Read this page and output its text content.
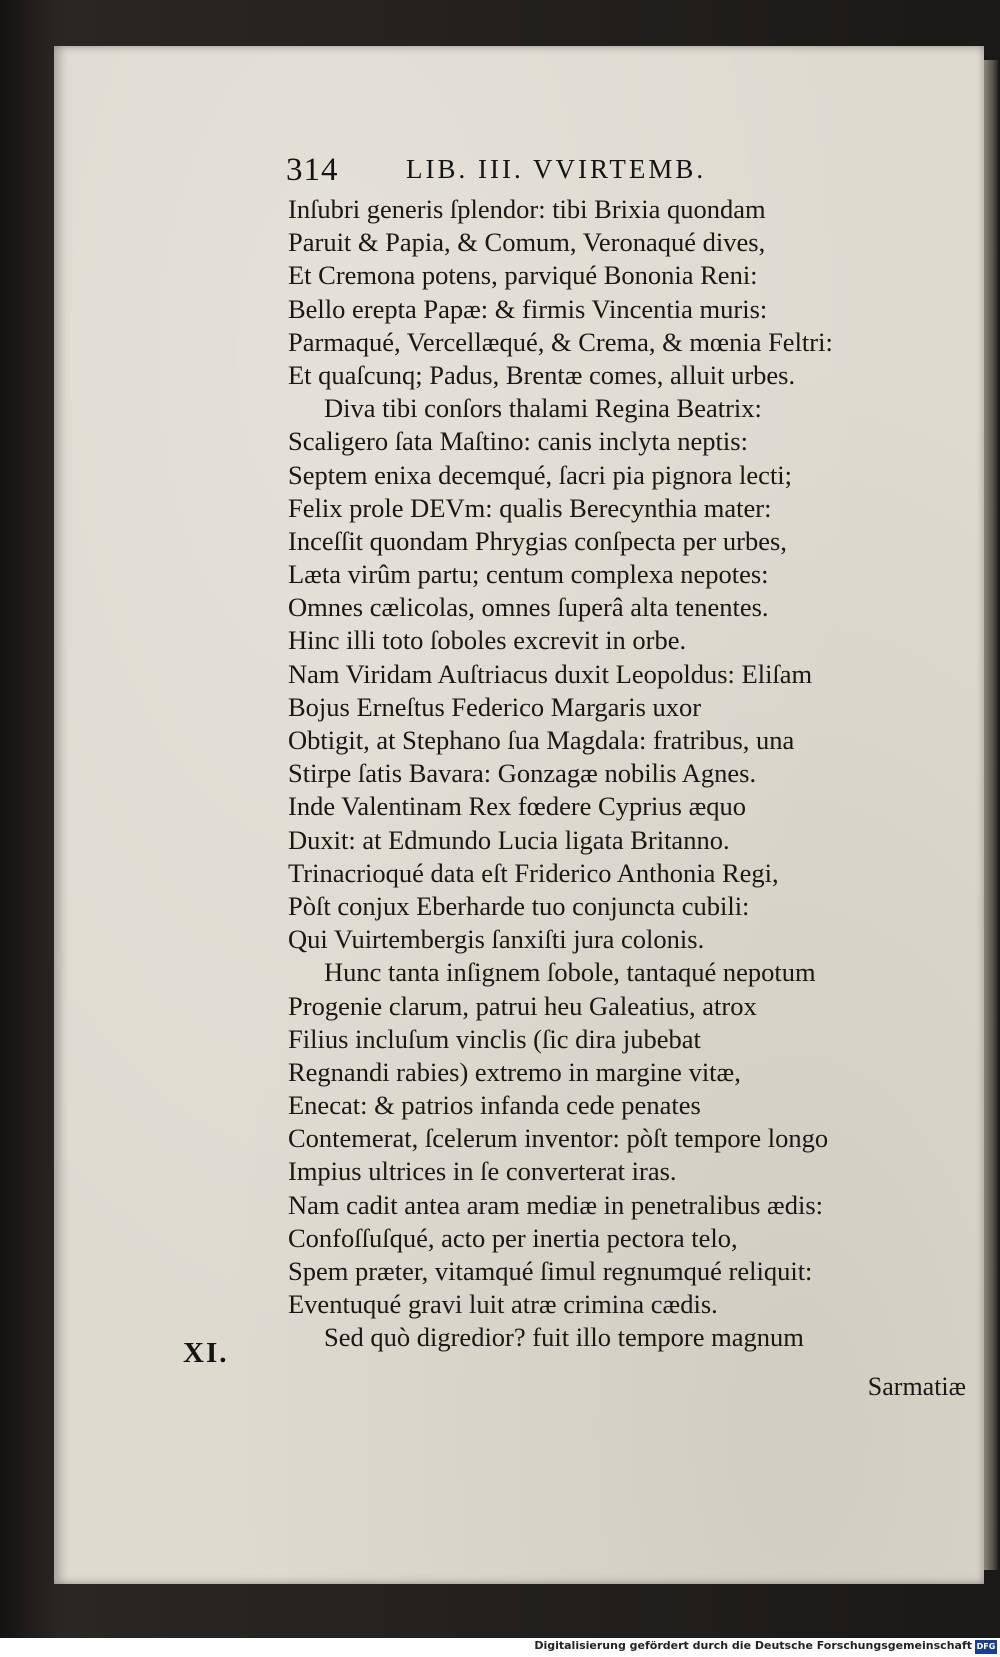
314	LIB. III. VVIRTEMB.
Inſubri generis ſplendor: tibi Brixia quondam
Paruit & Papia, & Comum, Veronaqué dives,
Et Cremona potens, parviqué Bononia Reni:
Bello erepta Papæ: & firmis Vincentia muris:
Parmaqué, Vercellæqué, & Crema, & mœnia Feltri:
Et quaſcunq; Padus, Brentæ comes, alluit urbes.
Diva tibi conſors thalami Regina Beatrix:
Scaligero ſata Maſtino: canis inclyta neptis:
Septem enixa decemqué, ſacri pia pignora lecti;
Felix prole DEVm: qualis Berecynthia mater:
Inceſſit quondam Phrygias conſpecta per urbes,
Læta virûm partu; centum complexa nepotes:
Omnes cælicolas, omnes ſuperâ alta tenentes.
Hinc illi toto ſoboles excrevit in orbe.
Nam Viridam Auſtriacus duxit Leopoldus: Eliſam
Bojus Erneſtus Federico Margaris uxor
Obtigit, at Stephano ſua Magdala: fratribus, una
Stirpe ſatis Bavara: Gonzagæ nobilis Agnes.
Inde Valentinam Rex fœdere Cyprius æquo
Duxit: at Edmundo Lucia ligata Britanno.
Trinacrioqué data eſt Friderico Anthonia Regi,
Pòſt conjux Eberharde tuo conjuncta cubili:
Qui Vuirtembergis ſanxiſti jura colonis.
Hunc tanta inſignem ſobole, tantaqué nepotum
Progenie clarum, patrui heu Galeatius, atrox
Filius incluſum vinclis (ſic dira jubebat
Regnandi rabies) extremo in margine vitæ,
Enecat: & patrios infanda cede penates
Contemerat, ſcelerum inventor: pòſt tempore longo
Impius ultrices in ſe converterat iras.
Nam cadit antea aram mediæ in penetralibus ædis:
Confoſſuſqué, acto per inertia pectora telo,
Spem præter, vitamqué ſimul regnumqué reliquit:
Eventuqué gravi luit atræ crimina cædis.
Sed quò digredior? fuit illo tempore magnum
XI.
Sarmatiæ
Digitalisierung gefördert durch die Deutsche Forschungsgemeinschaft DFG
